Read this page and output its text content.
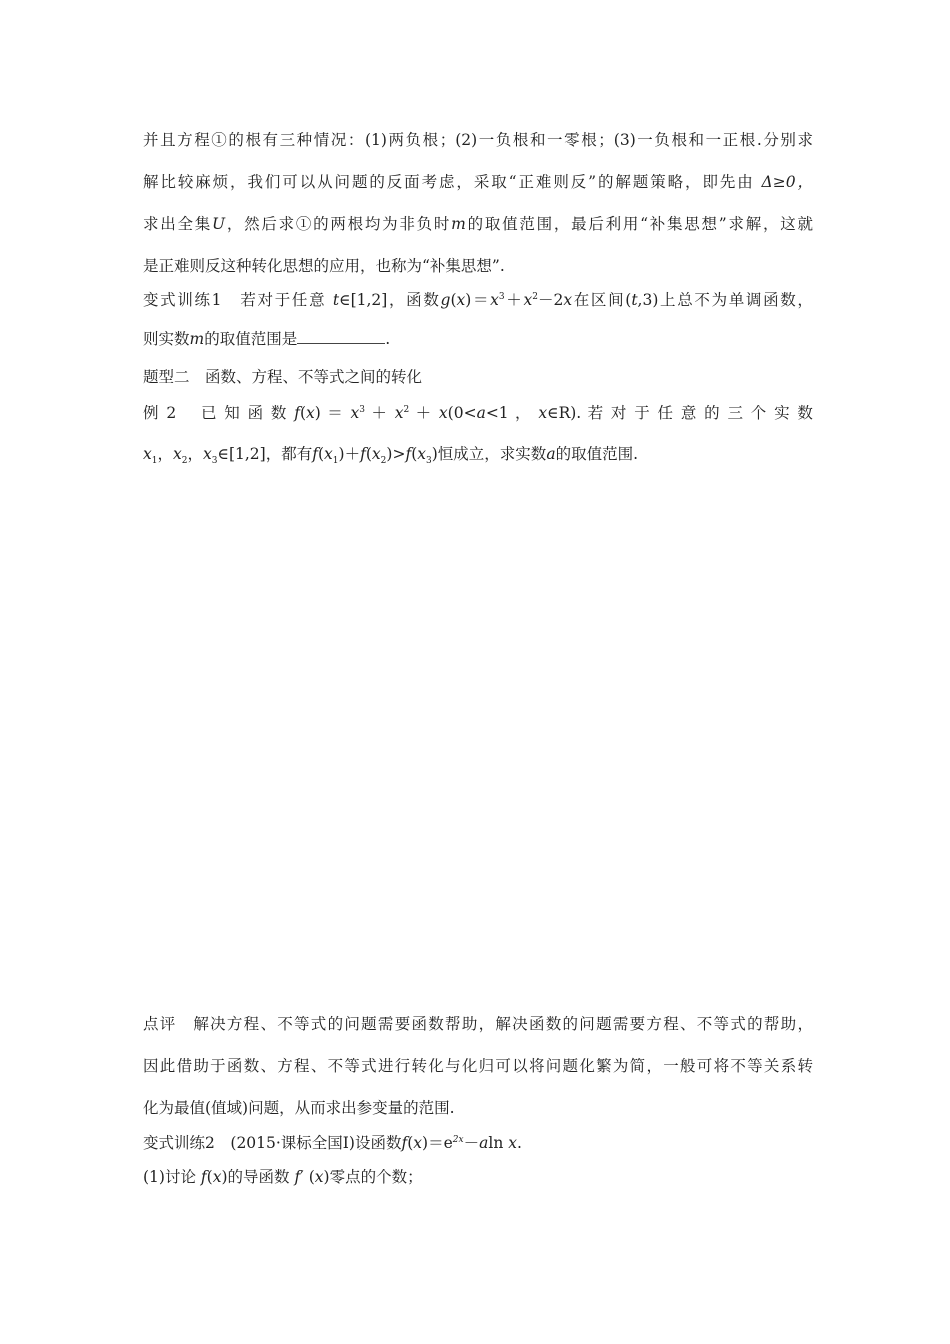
并且方程①的根有三种情况：(1)两负根；(2)一负根和一零根；(3)一负根和一正根.分别求
解比较麻烦，我们可以从问题的反面考虑，采取“正难则反”的解题策略，即先由 Δ≥0，
求出全集U，然后求①的两根均为非负时m的取值范围，最后利用“补集思想”求解，这就
是正难则反这种转化思想的应用，也称为“补集思想”.
变式训练1　 若对于任意 t∈[1,2]，函数$g(x)=x^3+x^2-2x$在区间(t,3)上总不为单调函数，
则实数m的取值范围是	.
题型二　函数、方程、不等式之间的转化
例 2　 已 知 函 数 $f(x) = x^3 + x^2 + x(0<a<1$ ， x∈R). 若 对 于 任 意 的 三 个 实 数
$x_1$，$x_2$，$x_3\in[1,2]$，都有$f(x_1)+f(x_2)>f(x_3)$恒成立，求实数a的取值范围.
点评　 解决方程、不等式的问题需要函数帮助，解决函数的问题需要方程、不等式的帮助，
因此借助于函数、方程、不等式进行转化与化归可以将问题化繁为简，一般可将不等关系转
化为最值(值域)问题，从而求出参变量的范围.
变式训练2　 (2015·课标全国Ⅰ)设函数$f(x)=e^{2x}-aln$ x.
(1)讨论 f(x)的导函数 f′ (x)零点的个数；
